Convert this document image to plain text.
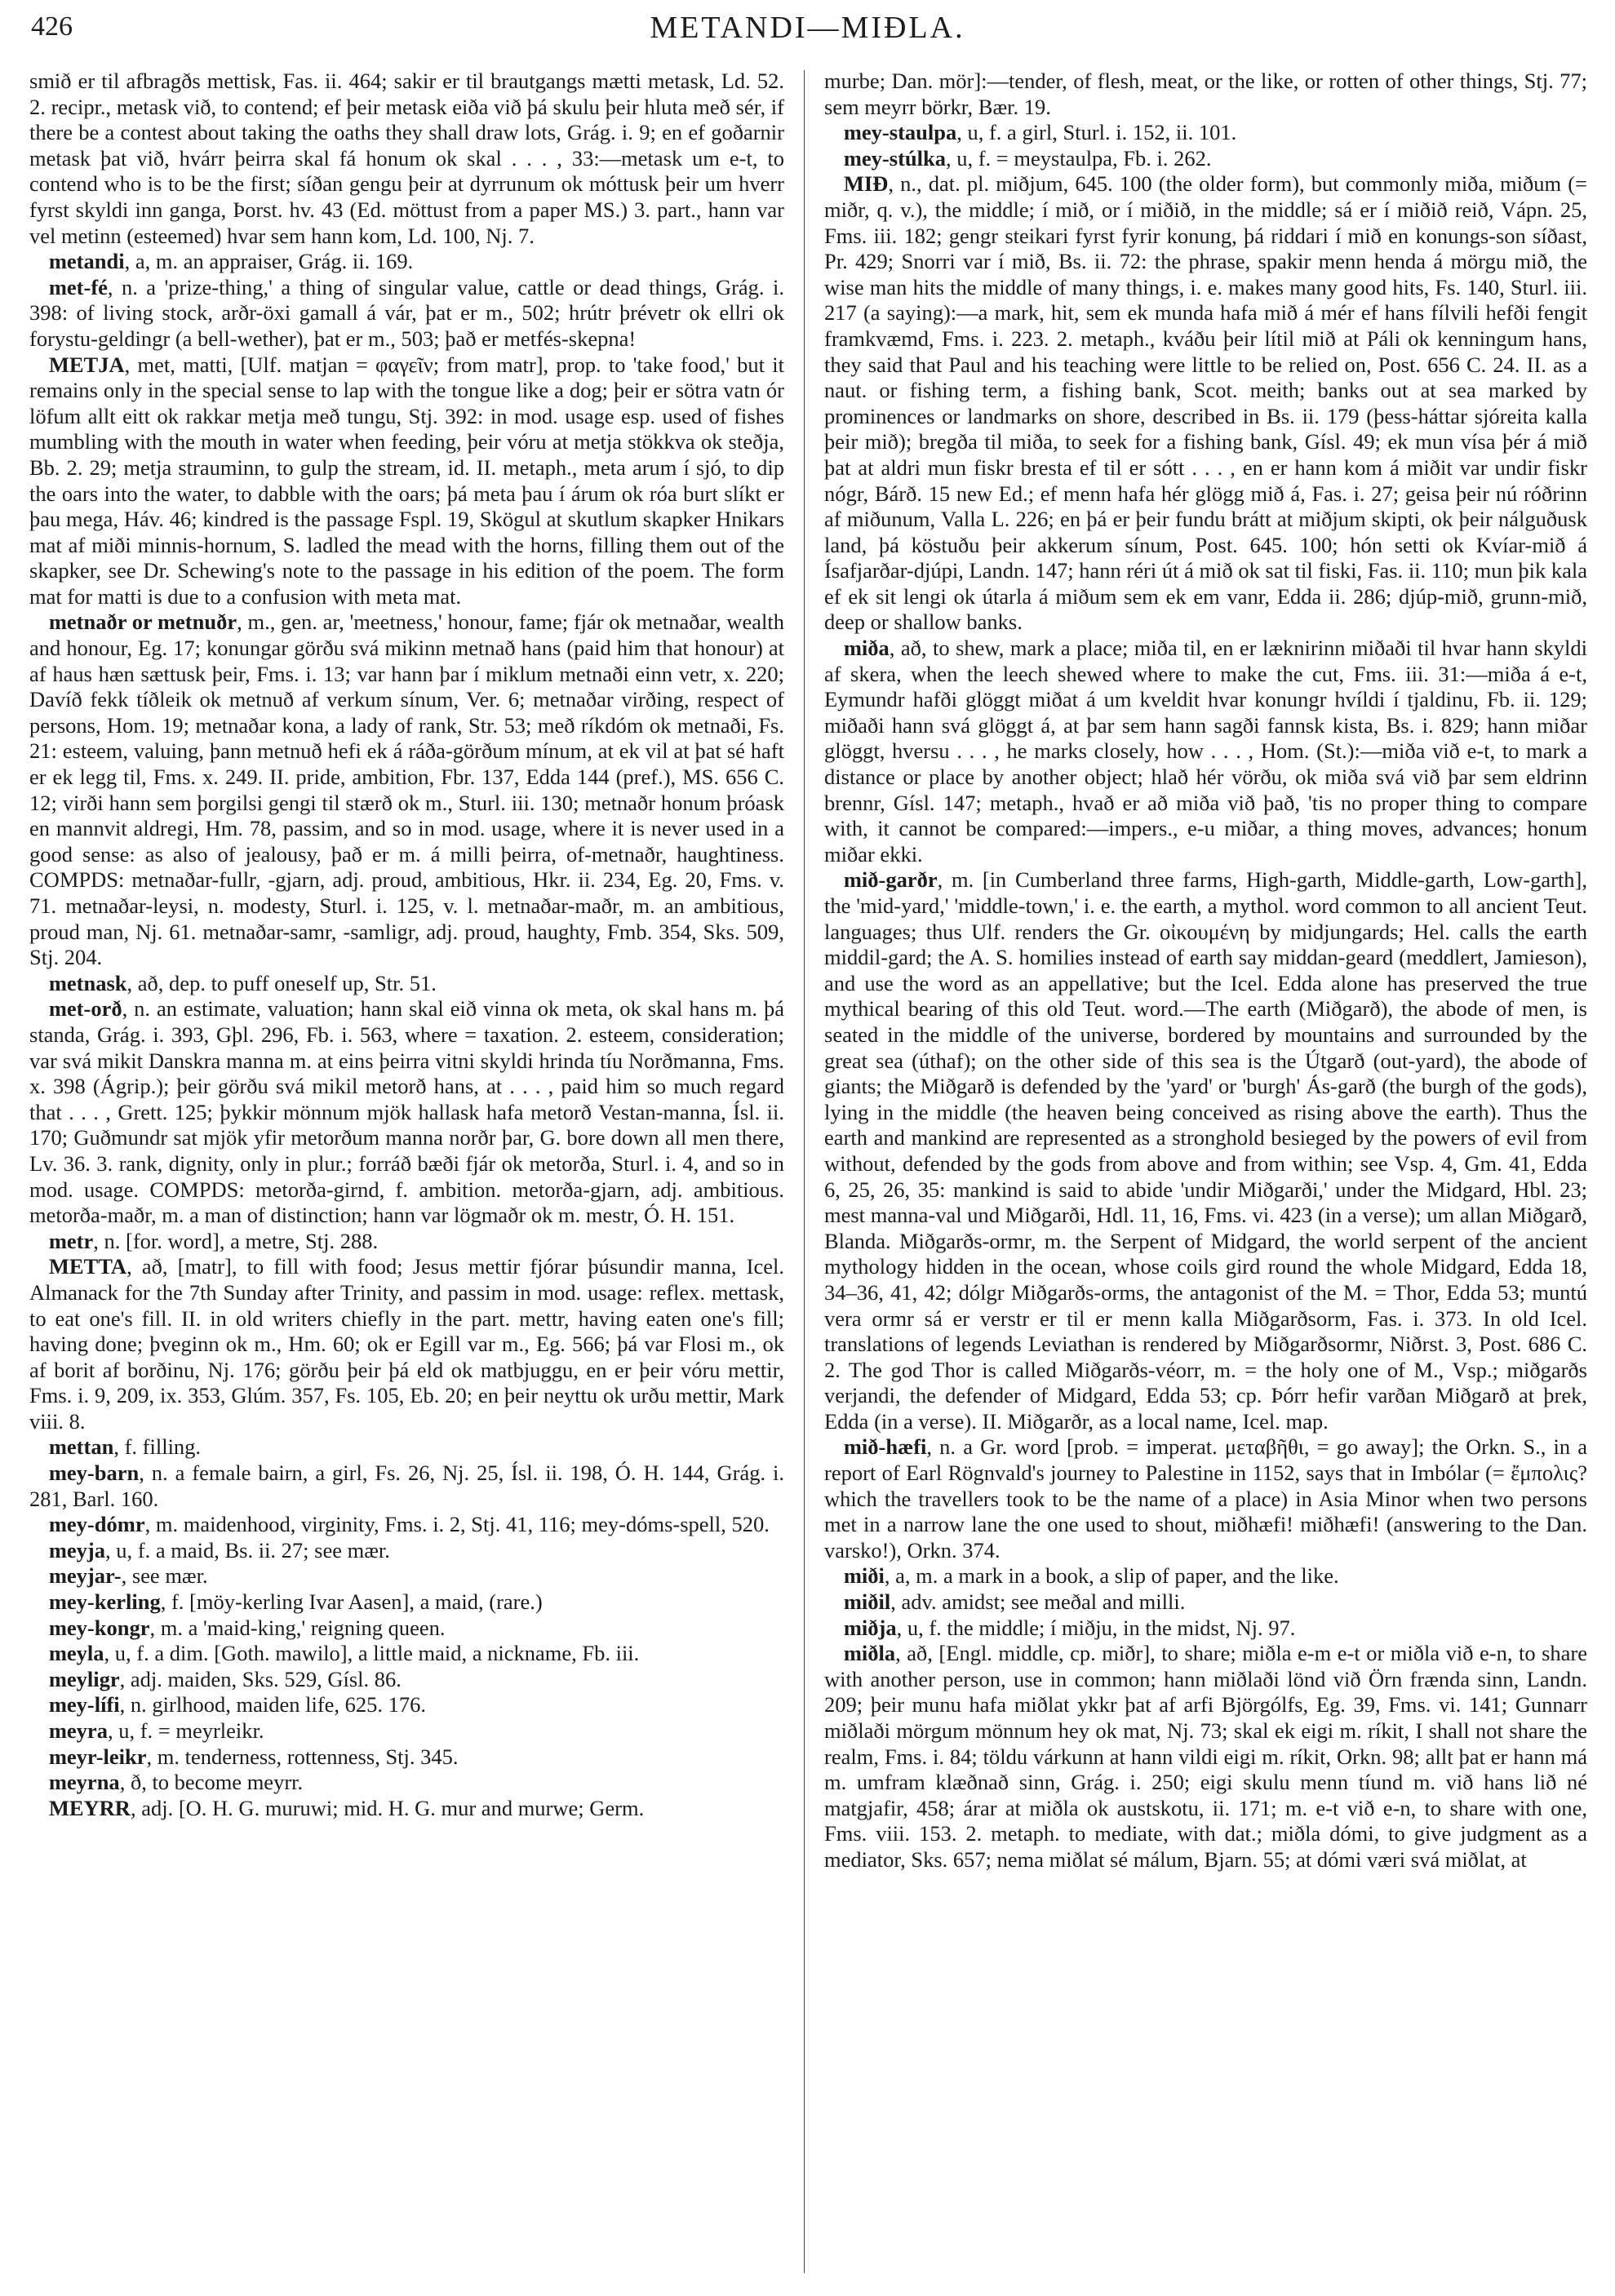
426	METANDI—MIÐLA.

smið er til afbragðs mettisk, Fas. ii. 464; sakir er til brautgangs mætti metask, Ld. 52. 2. recipr., metask við, to contend; ef þeir metask eiða við þá skulu þeir hluta með sér, if there be a contest about taking the oaths they shall draw lots, Grág. i. 9; en ef goðarnir metask þat við, hvárr þeirra skal fá honum ok skal . . . , 33:—metask um e-t, to contend who is to be the first; síðan gengu þeir at dyrrunum ok móttusk þeir um hverr fyrst skyldi inn ganga, Þorst. hv. 43 (Ed. möttust from a paper MS.) 3. part., hann var vel metinn (esteemed) hvar sem hann kom, Ld. 100, Nj. 7.

metandi, a, m. an appraiser, Grág. ii. 169.

met-fé, n. a 'prize-thing,' a thing of singular value, cattle or dead things, Grág. i. 398: of living stock, arðr-öxi gamall á vár, þat er m., 502; hrútr þrévetr ok ellri ok forystu-geldingr (a bell-wether), þat er m., 503; það er metfés-skepna!

METJA, met, matti, [Ulf. matjan = φαγεῖν; from matr], prop. to 'take food,' but it remains only in the special sense to lap with the tongue like a dog; þeir er sötra vatn ór löfum allt eitt ok rakkar metja með tungu, Stj. 392: in mod. usage esp. used of fishes mumbling with the mouth in water when feeding, þeir vóru at metja stökkva ok steðja, Bb. 2. 29; metja strauminn, to gulp the stream, id. II. metaph., meta arum í sjó, to dip the oars into the water, to dabble with the oars; þá meta þau í árum ok róa burt slíkt er þau mega, Háv. 46; kindred is the passage Fspl. 19, Skögul at skutlum skapker Hnikars mat af miði minnis-hornum, S. ladled the mead with the horns, filling them out of the skapker, see Dr. Schewing's note to the passage in his edition of the poem. The form mat for matti is due to a confusion with meta mat.

metnaðr or metnuðr, m., gen. ar, 'meetness,' honour, fame; fjár ok metnaðar, wealth and honour, Eg. 17; konungar görðu svá mikinn metnað hans (paid him that honour) at af haus hæn sættusk þeir, Fms. i. 13; var hann þar í miklum metnaði einn vetr, x. 220; Davíð fekk tíðleik ok metnuð af verkum sínum, Ver. 6; metnaðar virðing, respect of persons, Hom. 19; metnaðar kona, a lady of rank, Str. 53; með ríkdóm ok metnaði, Fs. 21: esteem, valuing, þann metnuð hefi ek á ráða-görðum mínum, at ek vil at þat sé haft er ek legg til, Fms. x. 249. II. pride, ambition, Fbr. 137, Edda 144 (pref.), MS. 656 C. 12; virði hann sem þorgilsi gengi til stærð ok m., Sturl. iii. 130; metnaðr honum þróask en mannvit aldregi, Hm. 78, passim, and so in mod. usage, where it is never used in a good sense: as also of jealousy, það er m. á milli þeirra, of-metnaðr, haughtiness. COMPDS: metnaðar-fullr, -gjarn, adj. proud, ambitious, Hkr. ii. 234, Eg. 20, Fms. v. 71. metnaðar-leysi, n. modesty, Sturl. i. 125, v. l. metnaðar-maðr, m. an ambitious, proud man, Nj. 61. metnaðar-samr, -samligr, adj. proud, haughty, Fmb. 354, Sks. 509, Stj. 204.

metnask, að, dep. to puff oneself up, Str. 51.

met-orð, n. an estimate, valuation; hann skal eið vinna ok meta, ok skal hans m. þá standa, Grág. i. 393, Gþl. 296, Fb. i. 563, where = taxation. 2. esteem, consideration; var svá mikit Danskra manna m. at eins þeirra vitni skyldi hrinda tíu Norðmanna, Fms. x. 398 (Ágrip.); þeir görðu svá mikil metorð hans, at . . . , paid him so much regard that . . . , Grett. 125; þykkir mönnum mjök hallask hafa metorð Vestan-manna, Ísl. ii. 170; Guðmundr sat mjök yfir metorðum manna norðr þar, G. bore down all men there, Lv. 36. 3. rank, dignity, only in plur.; forráð bæði fjár ok metorða, Sturl. i. 4, and so in mod. usage. COMPDS: metorða-girnd, f. ambition. metorða-gjarn, adj. ambitious. metorða-maðr, m. a man of distinction; hann var lögmaðr ok m. mestr, Ó. H. 151.

metr, n. [for. word], a metre, Stj. 288.

METTA, að, [matr], to fill with food; Jesus mettir fjórar þúsundir manna, Icel. Almanack for the 7th Sunday after Trinity, and passim in mod. usage: reflex. mettask, to eat one's fill. II. in old writers chiefly in the part. mettr, having eaten one's fill; having done; þveginn ok m., Hm. 60; ok er Egill var m., Eg. 566; þá var Flosi m., ok af borit af borðinu, Nj. 176; görðu þeir þá eld ok matbjuggu, en er þeir vóru mettir, Fms. i. 9, 209, ix. 353, Glúm. 357, Fs. 105, Eb. 20; en þeir neyttu ok urðu mettir, Mark viii. 8.

mettan, f. filling.

mey-barn, n. a female bairn, a girl, Fs. 26, Nj. 25, Ísl. ii. 198, Ó. H. 144, Grág. i. 281, Barl. 160.

mey-dómr, m. maidenhood, virginity, Fms. i. 2, Stj. 41, 116; mey-dóms-spell, 520.

meyja, u, f. a maid, Bs. ii. 27; see mær.

meyjar-, see mær.

mey-kerling, f. [möy-kerling Ivar Aasen], a maid, (rare.)

mey-kongr, m. a 'maid-king,' reigning queen.

meyla, u, f. a dim. [Goth. mawilo], a little maid, a nickname, Fb. iii.

meyligr, adj. maiden, Sks. 529, Gísl. 86.

mey-lífi, n. girlhood, maiden life, 625. 176.

meyra, u, f. = meyrleikr.

meyr-leikr, m. tenderness, rottenness, Stj. 345.

meyrna, ð, to become meyrr.

MEYRR, adj. [O. H. G. muruwi; mid. H. G. mur and murwe; Germ.

murbe; Dan. mör]:—tender, of flesh, meat, or the like, or rotten of other things, Stj. 77; sem meyrr börkr, Bær. 19.

mey-staulpa, u, f. a girl, Sturl. i. 152, ii. 101.

mey-stúlka, u, f. = meystaulpa, Fb. i. 262.

MIÐ, n., dat. pl. miðjum, 645. 100 (the older form), but commonly miða, miðum (= miðr, q. v.), the middle; í mið, or í miðið, in the middle; sá er í miðið reið, Vápn. 25, Fms. iii. 182; gengr steikari fyrst fyrir konung, þá riddari í mið en konungs-son síðast, Pr. 429; Snorri var í mið, Bs. ii. 72: the phrase, spakir menn henda á mörgu mið, the wise man hits the middle of many things, i. e. makes many good hits, Fs. 140, Sturl. iii. 217 (a saying):—a mark, hit, sem ek munda hafa mið á mér ef hans fílvili hefði fengit framkvæmd, Fms. i. 223. 2. metaph., kváðu þeir lítil mið at Páli ok kenningum hans, they said that Paul and his teaching were little to be relied on, Post. 656 C. 24. II. as a naut. or fishing term, a fishing bank, Scot. meith; banks out at sea marked by prominences or landmarks on shore, described in Bs. ii. 179 (þess-háttar sjóreita kalla þeir mið); bregða til miða, to seek for a fishing bank, Gísl. 49; ek mun vísa þér á mið þat at aldri mun fiskr bresta ef til er sótt . . . , en er hann kom á miðit var undir fiskr nógr, Bárð. 15 new Ed.; ef menn hafa hér glögg mið á, Fas. i. 27; geisa þeir nú róðrinn af miðunum, Valla L. 226; en þá er þeir fundu brátt at miðjum skipti, ok þeir nálguðusk land, þá köstuðu þeir akkerum sínum, Post. 645. 100; hón setti ok Kvíar-mið á Ísafjarðar-djúpi, Landn. 147; hann réri út á mið ok sat til fiski, Fas. ii. 110; mun þik kala ef ek sit lengi ok útarla á miðum sem ek em vanr, Edda ii. 286; djúp-mið, grunn-mið, deep or shallow banks.

miða, að, to shew, mark a place; miða til, en er læknirinn miðaði til hvar hann skyldi af skera, when the leech shewed where to make the cut, Fms. iii. 31:—miða á e-t, Eymundr hafði glöggt miðat á um kveldit hvar konungr hvíldi í tjaldinu, Fb. ii. 129; miðaði hann svá glöggt á, at þar sem hann sagði fannsk kista, Bs. i. 829; hann miðar glöggt, hversu . . . , he marks closely, how . . . , Hom. (St.):—miða við e-t, to mark a distance or place by another object; hlað hér vörðu, ok miða svá við þar sem eldrinn brennr, Gísl. 147; metaph., hvað er að miða við það, 'tis no proper thing to compare with, it cannot be compared:—impers., e-u miðar, a thing moves, advances; honum miðar ekki.

mið-garðr, m. [in Cumberland three farms, High-garth, Middle-garth, Low-garth], the 'mid-yard,' 'middle-town,' i. e. the earth, a mythol. word common to all ancient Teut. languages; thus Ulf. renders the Gr. οἰκουμένη by midjungards; Hel. calls the earth middil-gard; the A. S. homilies instead of earth say middan-geard (meddlert, Jamieson), and use the word as an appellative; but the Icel. Edda alone has preserved the true mythical bearing of this old Teut. word.—The earth (Miðgarð), the abode of men, is seated in the middle of the universe, bordered by mountains and surrounded by the great sea (úthaf); on the other side of this sea is the Útgarð (out-yard), the abode of giants; the Miðgarð is defended by the 'yard' or 'burgh' Ás-garð (the burgh of the gods), lying in the middle (the heaven being conceived as rising above the earth). Thus the earth and mankind are represented as a stronghold besieged by the powers of evil from without, defended by the gods from above and from within; see Vsp. 4, Gm. 41, Edda 6, 25, 26, 35: mankind is said to abide 'undir Miðgarði,' under the Midgard, Hbl. 23; mest manna-val und Miðgarði, Hdl. 11, 16, Fms. vi. 423 (in a verse); um allan Miðgarð, Blanda. Miðgarðs-ormr, m. the Serpent of Midgard, the world serpent of the ancient mythology hidden in the ocean, whose coils gird round the whole Midgard, Edda 18, 34–36, 41, 42; dólgr Miðgarðs-orms, the antagonist of the M. = Thor, Edda 53; muntú vera ormr sá er verstr er til er menn kalla Miðgarðsorm, Fas. i. 373. In old Icel. translations of legends Leviathan is rendered by Miðgarðsormr, Niðrst. 3, Post. 686 C. 2. The god Thor is called Miðgarðs-véorr, m. = the holy one of M., Vsp.; miðgarðs verjandi, the defender of Midgard, Edda 53; cp. Þórr hefir varðan Miðgarð at þrek, Edda (in a verse). II. Miðgarðr, as a local name, Icel. map.

mið-hæfi, n. a Gr. word [prob. = imperat. μεταβῆθι, = go away]; the Orkn. S., in a report of Earl Rögnvald's journey to Palestine in 1152, says that in Imbólar (= ἔμπολις? which the travellers took to be the name of a place) in Asia Minor when two persons met in a narrow lane the one used to shout, miðhæfi! miðhæfi! (answering to the Dan. varsko!), Orkn. 374.

miði, a, m. a mark in a book, a slip of paper, and the like.

miðil, adv. amidst; see meðal and milli.

miðja, u, f. the middle; í miðju, in the midst, Nj. 97.

miðla, að, [Engl. middle, cp. miðr], to share; miðla e-m e-t or miðla við e-n, to share with another person, use in common; hann miðlaði lönd við Örn frænda sinn, Landn. 209; þeir munu hafa miðlat ykkr þat af arfi Björgólfs, Eg. 39, Fms. vi. 141; Gunnarr miðlaði mörgum mönnum hey ok mat, Nj. 73; skal ek eigi m. ríkit, I shall not share the realm, Fms. i. 84; töldu várkunn at hann vildi eigi m. ríkit, Orkn. 98; allt þat er hann má m. umfram klæðnað sinn, Grág. i. 250; eigi skulu menn tíund m. við hans lið né matgjafir, 458; árar at miðla ok austskotu, ii. 171; m. e-t við e-n, to share with one, Fms. viii. 153. 2. metaph. to mediate, with dat.; miðla dómi, to give judgment as a mediator, Sks. 657; nema miðlat sé málum, Bjarn. 55; at dómi væri svá miðlat, at
